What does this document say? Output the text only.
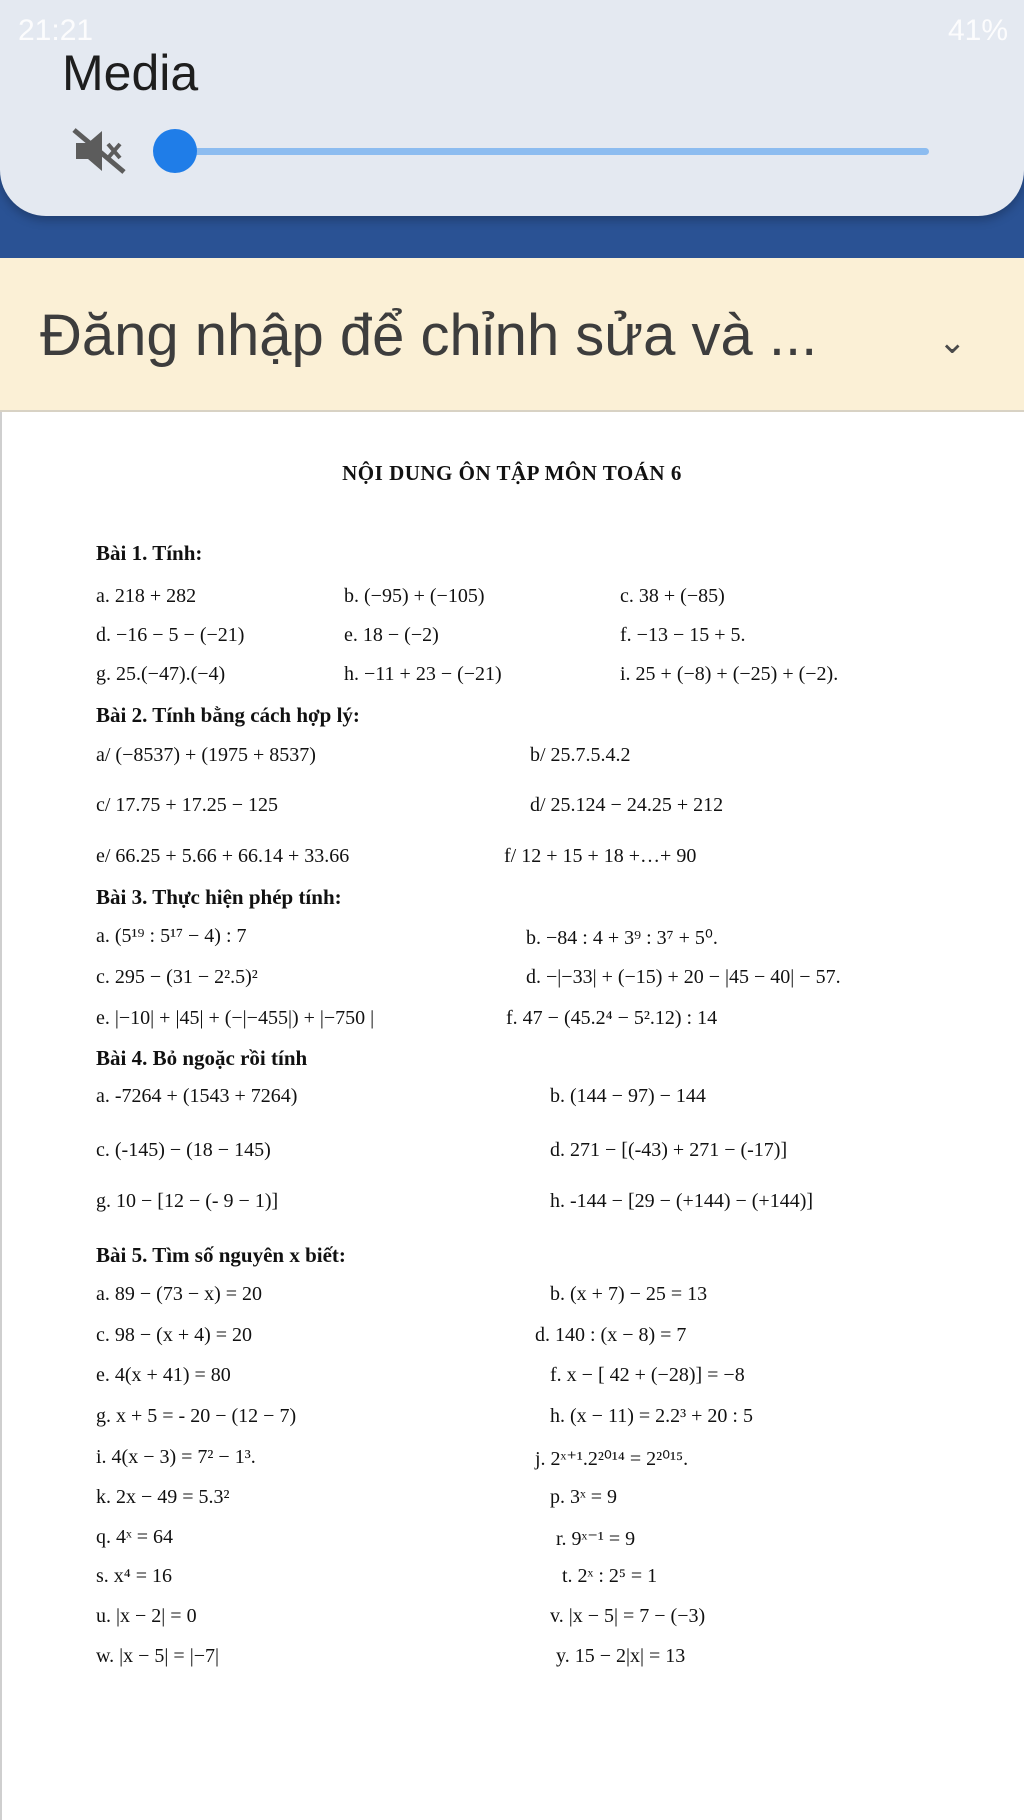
21:21	41%
Media
Đăng nhập để chỉnh sửa và ...	⌄
NỘI DUNG ÔN TẬP MÔN TOÁN 6
Bài 1. Tính:
a. 218 + 282	b. (−95) + (−105)	c. 38 + (−85)
d. −16 − 5 − (−21)	e. 18 − (−2)	f. −13 − 15 + 5.
g. 25.(−47).(−4)	h. −11 + 23 − (−21)	i. 25 + (−8) + (−25) + (−2).
Bài 2. Tính bằng cách hợp lý:
a/ (−8537) + (1975 + 8537)	b/ 25.7.5.4.2
c/ 17.75 + 17.25 − 125	d/ 25.124 − 24.25 + 212
e/ 66.25 + 5.66 + 66.14 + 33.66	f/ 12 + 15 + 18 +…+ 90
Bài 3. Thực hiện phép tính:
a. (5¹⁹ : 5¹⁷ − 4) : 7	b. −84 : 4 + 3⁹ : 3⁷ + 5⁰.
c. 295 − (31 − 2².5)²	d. −|−33| + (−15) + 20 − |45 − 40| − 57.
e. |−10| + |45| + (−|−455|) + |−750 |	f. 47 − (45.2⁴ − 5².12) : 14
Bài 4. Bỏ ngoặc rồi tính
a. -7264 + (1543 + 7264)	b. (144 − 97) − 144
c. (-145) − (18 − 145)	d. 271 − [(-43) + 271 − (-17)]
g. 10 − [12 − (- 9 − 1)]	h. -144 − [29 − (+144) − (+144)]
Bài 5. Tìm số nguyên x biết:
a. 89 − (73 − x) = 20	b. (x + 7) − 25 = 13
c. 98 − (x + 4) = 20	d. 140 : (x − 8) = 7
e. 4(x + 41) = 80	f. x − [ 42 + (−28)] = −8
g. x + 5 = - 20 − (12 − 7)	h. (x − 11) = 2.2³ + 20 : 5
i. 4(x − 3) = 7² − 1³.	j. 2ˣ⁺¹.2²⁰¹⁴ = 2²⁰¹⁵.
k. 2x − 49 = 5.3²	p. 3ˣ = 9
q. 4ˣ = 64	r. 9ˣ⁻¹ = 9
s. x⁴ = 16	t. 2ˣ : 2⁵ = 1
u. |x − 2| = 0	v. |x − 5| = 7 − (−3)
w. |x − 5| = |−7|	y. 15 − 2|x| = 13
